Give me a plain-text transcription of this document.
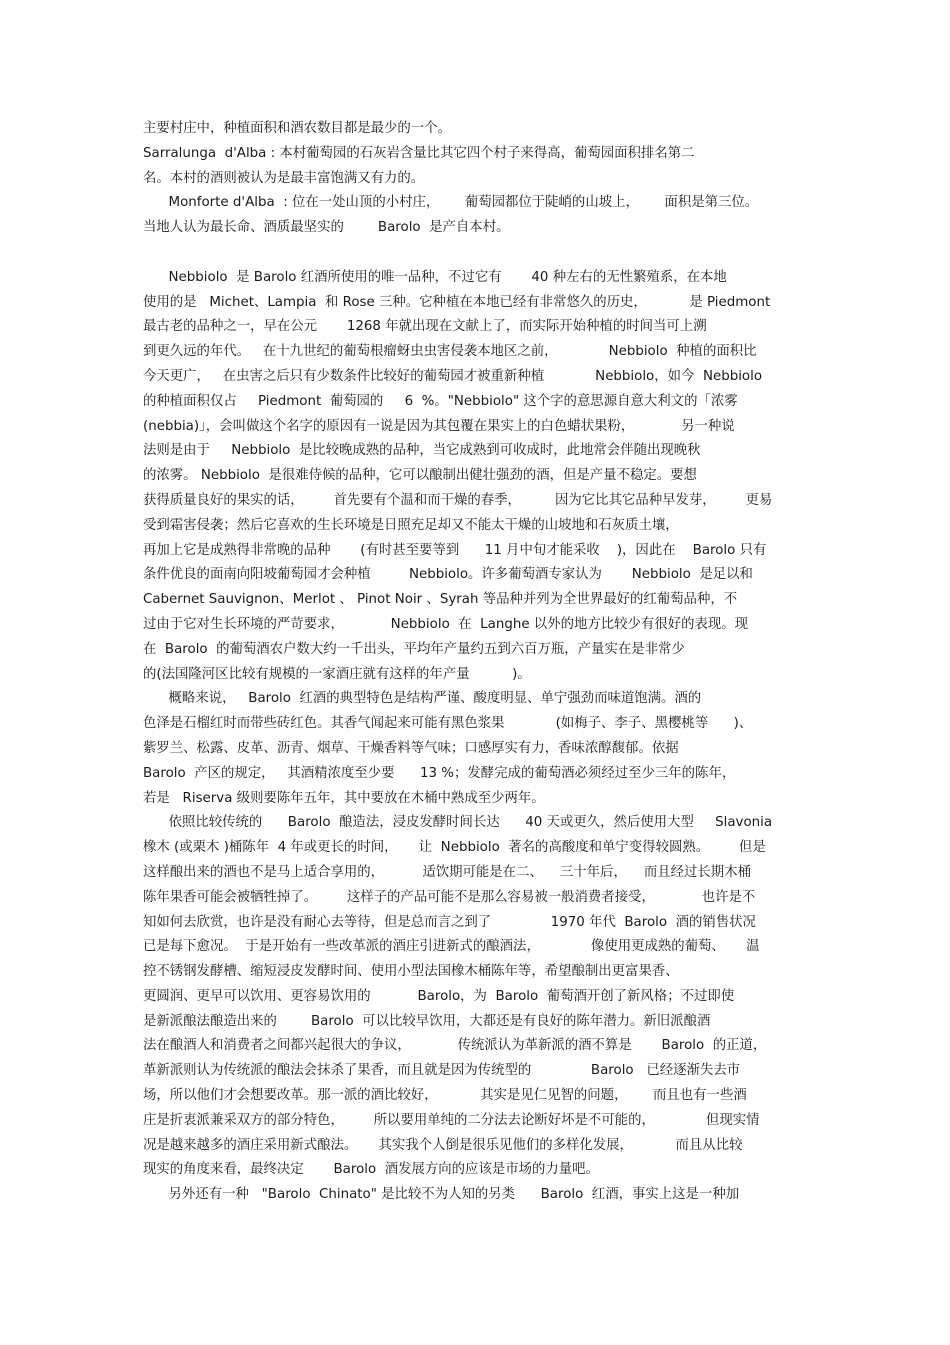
主要村庄中，种植面积和酒农数目都是最少的一个。
Sarralunga  d'Alba : 本村葡萄园的石灰岩含量比其它四个村子来得高，葡萄园面积排名第二
名。本村的酒则被认为是最丰富饱满又有力的。
Monforte d'Alba  : 位在一处山顶的小村庄，      葡萄园都位于陡峭的山坡上，      面积是第三位。
当地人认为最长命、酒质最坚实的        Barolo  是产自本村。
Nebbiolo  是 Barolo 红酒所使用的唯一品种，不过它有       40 种左右的无性繁殖系，在本地
使用的是   Michet、Lampia  和 Rose 三种。它种植在本地已经有非常悠久的历史，          是 Piedmont
最古老的品种之一，早在公元       1268 年就出现在文献上了，而实际开始种植的时间当可上溯
到更久远的年代。   在十九世纪的葡萄根瘤蚜虫虫害侵袭本地区之前，            Nebbiolo  种植的面积比
今天更广，   在虫害之后只有少数条件比较好的葡萄园才被重新种植            Nebbiolo，如今  Nebbiolo
的种植面积仅占     Piedmont  葡萄园的     6  %。"Nebbiolo" 这个字的意思源自意大利文的「浓雾
(nebbia)」，会叫做这个名字的原因有一说是因为其包覆在果实上的白色蜡状果粉，           另一种说
法则是由于     Nebbiolo  是比较晚成熟的品种，当它成熟到可收成时，此地常会伴随出现晚秋
的浓雾。 Nebbiolo  是很难侍候的品种，它可以酿制出健壮强劲的酒，但是产量不稳定。要想
获得质量良好的果实的话，       首先要有个温和而干燥的春季，        因为它比其它品种早发芽，       更易
受到霜害侵袭；然后它喜欢的生长环境是日照充足却又不能太干燥的山坡地和石灰质土壤，
再加上它是成熟得非常晚的品种       (有时甚至要等到      11 月中旬才能采收    )，因此在    Barolo 只有
条件优良的面南向阳坡葡萄园才会种植         Nebbiolo。许多葡萄酒专家认为       Nebbiolo  是足以和
Cabernet Sauvignon、Merlot 、 Pinot Noir 、Syrah 等品种并列为全世界最好的红葡萄品种，不
过由于它对生长环境的严苛要求，           Nebbiolo  在  Langhe 以外的地方比较少有很好的表现。现
在  Barolo  的葡萄酒农户数大约一千出头，平均年产量约五到六百万瓶，产量实在是非常少
的(法国隆河区比较有规模的一家酒庄就有这样的年产量          )。
概略来说，   Barolo  红酒的典型特色是结构严谨、酸度明显、单宁强劲而味道饱满。酒的
色泽是石榴红时而带些砖红色。其香气闻起来可能有黑色浆果            (如梅子、李子、黑樱桃等      )、
紫罗兰、松露、皮革、沥青、烟草、干燥香料等气味；口感厚实有力，香味浓醇馥郁。依据
Barolo  产区的规定，   其酒精浓度至少要      13 %；发酵完成的葡萄酒必须经过至少三年的陈年，
若是   Riserva 级则要陈年五年，其中要放在木桶中熟成至少两年。
依照比较传统的      Barolo  酿造法，浸皮发酵时间长达      40 天或更久，然后使用大型     Slavonia
橡木 (或栗木 )桶陈年  4 年或更长的时间，     让  Nebbiolo  著名的高酸度和单宁变得较圆熟。       但是
这样酿出来的酒也不是马上适合享用的，         适饮期可能是在二、    三十年后，    而且经过长期木桶
陈年果香可能会被牺牲掉了。       这样子的产品可能不是那么容易被一般消费者接受，           也许是不
知如何去欣赏，也许是没有耐心去等待，但是总而言之到了              1970 年代  Barolo  酒的销售状况
已是每下愈况。  于是开始有一些改革派的酒庄引进新式的酿酒法，            像使用更成熟的葡萄、     温
控不锈钢发酵槽、缩短浸皮发酵时间、使用小型法国橡木桶陈年等，希望酿制出更富果香、
更圆润、更早可以饮用、更容易饮用的           Barolo，为  Barolo  葡萄酒开创了新风格；不过即使
是新派酿法酿造出来的        Barolo  可以比较早饮用，大都还是有良好的陈年潜力。新旧派酿酒
法在酿酒人和消费者之间都兴起很大的争议，           传统派认为革新派的酒不算是       Barolo  的正道，
革新派则认为传统派的酿法会抹杀了果香，而且就是因为传统型的              Barolo   已经逐渐失去市
场，所以他们才会想要改革。那一派的酒比较好，          其实是见仁见智的问题，      而且也有一些酒
庄是折衷派兼采双方的部分特色，       所以要用单纯的二分法去论断好坏是不可能的，            但现实情
况是越来越多的酒庄采用新式酿法。     其实我个人倒是很乐见他们的多样化发展，          而且从比较
现实的角度来看，最终决定       Barolo  酒发展方向的应该是市场的力量吧。
另外还有一种   "Barolo  Chinato" 是比较不为人知的另类      Barolo  红酒，事实上这是一种加
